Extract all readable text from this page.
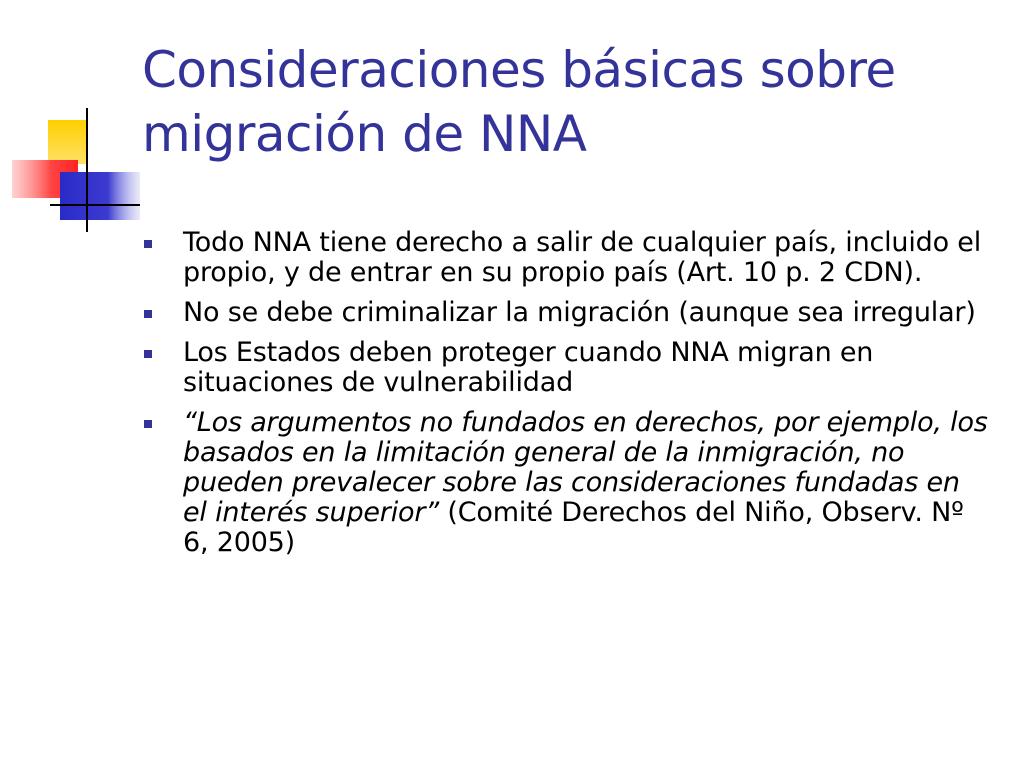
Consideraciones básicas sobre migración de NNA
Todo NNA tiene derecho a salir de cualquier país, incluido el propio, y de entrar en su propio país (Art. 10 p. 2 CDN).
No se debe criminalizar la migración (aunque sea irregular)
Los Estados deben proteger cuando NNA migran en situaciones de vulnerabilidad
“Los argumentos no fundados en derechos, por ejemplo, los basados en la limitación general de la inmigración, no pueden prevalecer sobre las consideraciones fundadas en el interés superior” (Comité Derechos del Niño, Observ. Nº 6, 2005)
